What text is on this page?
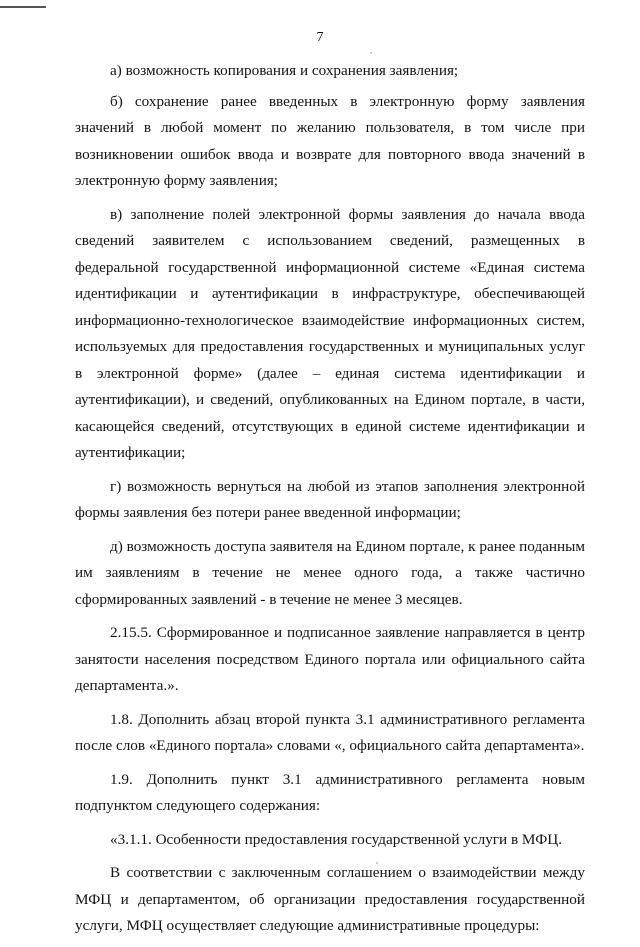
7

а) возможность копирования и сохранения заявления;

б) сохранение ранее введенных в электронную форму заявления значений в любой момент по желанию пользователя, в том числе при возникновении ошибок ввода и возврате для повторного ввода значений в электронную форму заявления;

в) заполнение полей электронной формы заявления до начала ввода сведений заявителем с использованием сведений, размещенных в федеральной государственной информационной системе «Единая система идентификации и аутентификации в инфраструктуре, обеспечивающей информационно-технологическое взаимодействие информационных систем, используемых для предоставления государственных и муниципальных услуг в электронной форме» (далее – единая система идентификации и аутентификации), и сведений, опубликованных на Едином портале, в части, касающейся сведений, отсутствующих в единой системе идентификации и аутентификации;

г) возможность вернуться на любой из этапов заполнения электронной формы заявления без потери ранее введенной информации;

д) возможность доступа заявителя на Едином портале, к ранее поданным им заявлениям в течение не менее одного года, а также частично сформированных заявлений - в течение не менее 3 месяцев.

2.15.5. Сформированное и подписанное заявление направляется в центр занятости населения посредством Единого портала или официального сайта департамента.».

1.8. Дополнить абзац второй пункта 3.1 административного регламента после слов «Единого портала» словами «, официального сайта департамента».

1.9. Дополнить пункт 3.1 административного регламента новым подпунктом следующего содержания:

«3.1.1. Особенности предоставления государственной услуги в МФЦ.

В соответствии с заключенным соглашением о взаимодействии между МФЦ и департаментом, об организации предоставления государственной услуги, МФЦ осуществляет следующие административные процедуры:
